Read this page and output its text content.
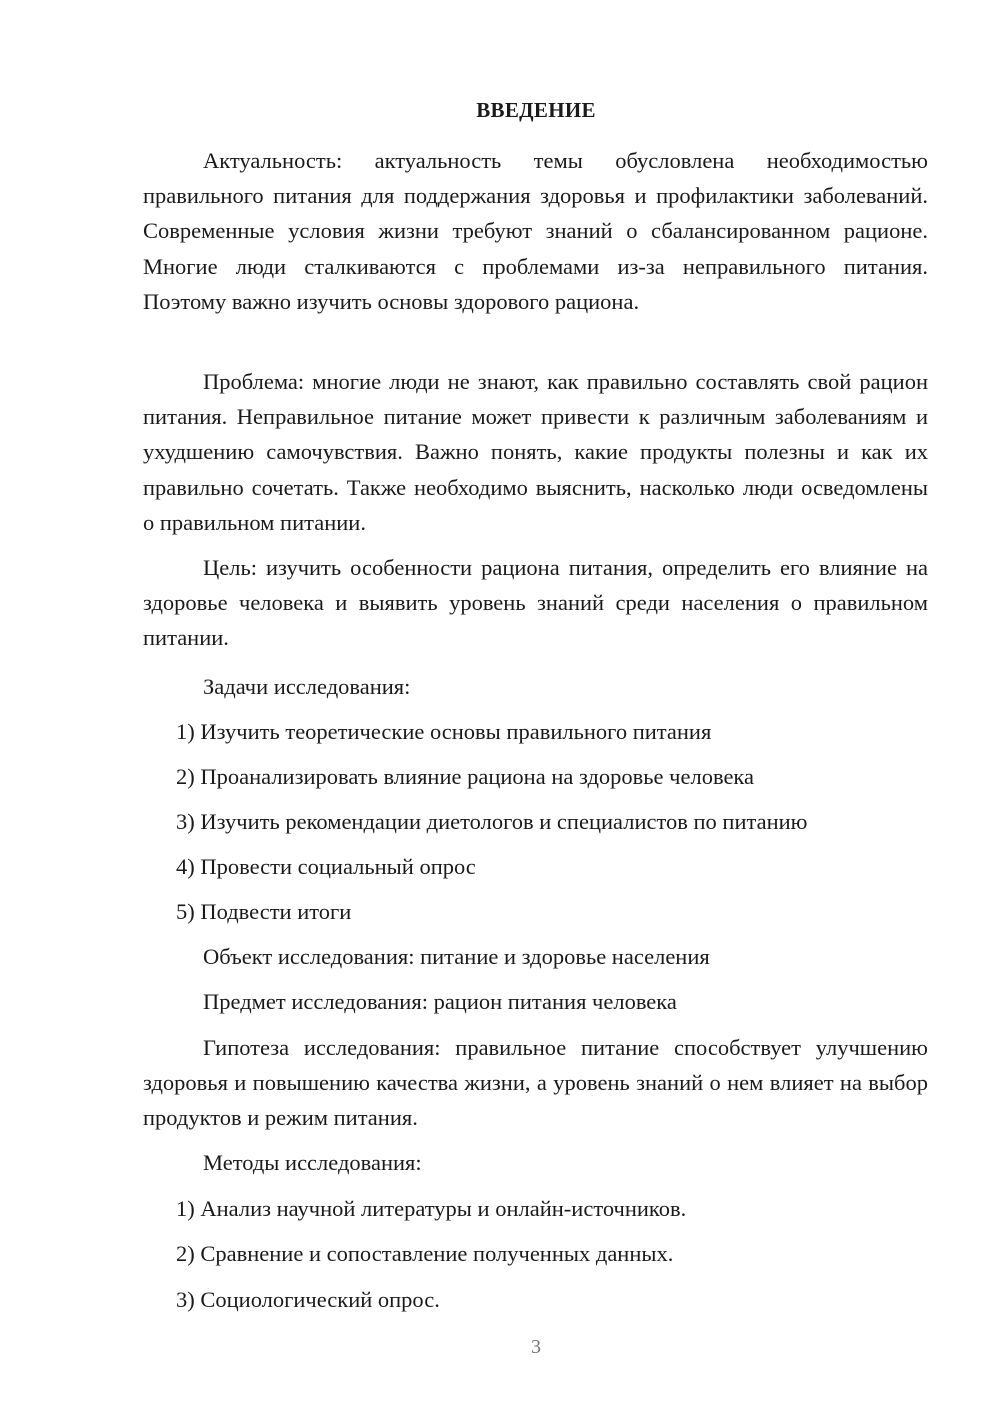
ВВЕДЕНИЕ
Актуальность: актуальность темы обусловлена необходимостью правильного питания для поддержания здоровья и профилактики заболеваний. Современные условия жизни требуют знаний о сбалансированном рационе. Многие люди сталкиваются с проблемами из-за неправильного питания. Поэтому важно изучить основы здорового рациона.
Проблема: многие люди не знают, как правильно составлять свой рацион питания. Неправильное питание может привести к различным заболеваниям и ухудшению самочувствия. Важно понять, какие продукты полезны и как их правильно сочетать. Также необходимо выяснить, насколько люди осведомлены о правильном питании.
Цель: изучить особенности рациона питания, определить его влияние на здоровье человека и выявить уровень знаний среди населения о правильном питании.
Задачи исследования:
1) Изучить теоретические основы правильного питания
2) Проанализировать влияние рациона на здоровье человека
3) Изучить рекомендации диетологов и специалистов по питанию
4) Провести социальный опрос
5) Подвести итоги
Объект исследования: питание и здоровье населения
Предмет исследования: рацион питания человека
Гипотеза исследования: правильное питание способствует улучшению здоровья и повышению качества жизни, а уровень знаний о нем влияет на выбор продуктов и режим питания.
Методы исследования:
1) Анализ научной литературы и онлайн-источников.
2) Сравнение и сопоставление полученных данных.
3) Социологический опрос.
3
